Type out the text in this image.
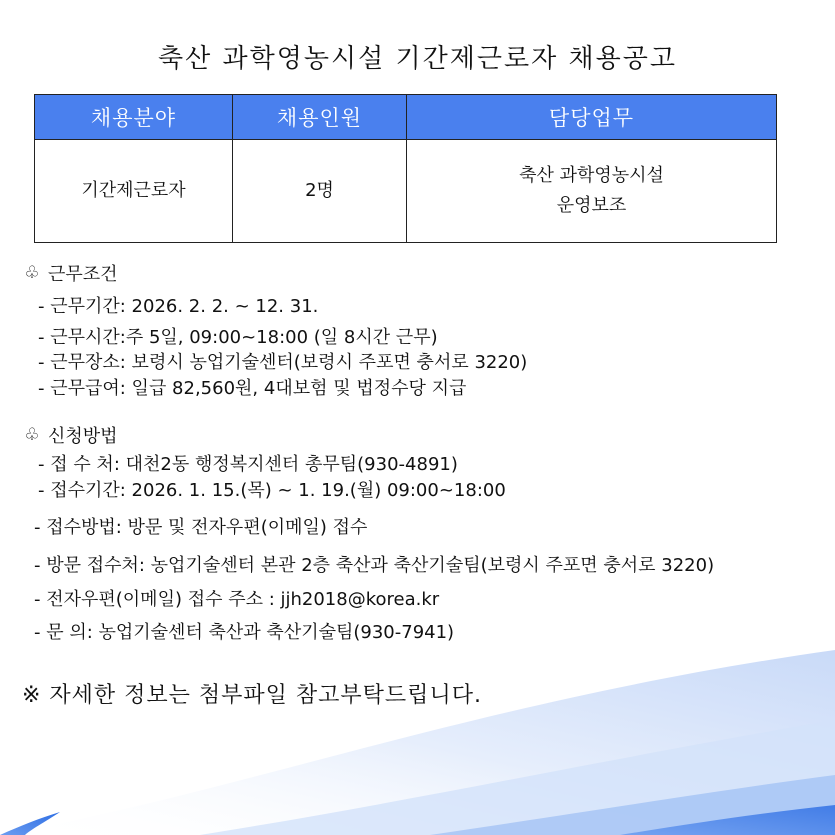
축산 과학영농시설 기간제근로자 채용공고
채용분야	채용인원	담당업무
기간제근로자	2명	축산 과학영농시설
운영보조
♧ 근무조건
- 근무기간: 2026. 2. 2. ~ 12. 31.
- 근무시간:주 5일, 09:00~18:00 (일 8시간 근무)
- 근무장소: 보령시 농업기술센터(보령시 주포면 충서로 3220)
- 근무급여: 일급 82,560원, 4대보험 및 법정수당 지급
♧ 신청방법
- 접 수 처: 대천2동 행정복지센터 총무팀(930-4891)
- 접수기간: 2026. 1. 15.(목) ~ 1. 19.(월) 09:00~18:00
- 접수방법: 방문 및 전자우편(이메일) 접수
- 방문 접수처: 농업기술센터 본관 2층 축산과 축산기술팀(보령시 주포면 충서로 3220)
- 전자우편(이메일) 접수 주소 : jjh2018@korea.kr
- 문 의: 농업기술센터 축산과 축산기술팀(930-7941)
※ 자세한 정보는 첨부파일 참고부탁드립니다.
